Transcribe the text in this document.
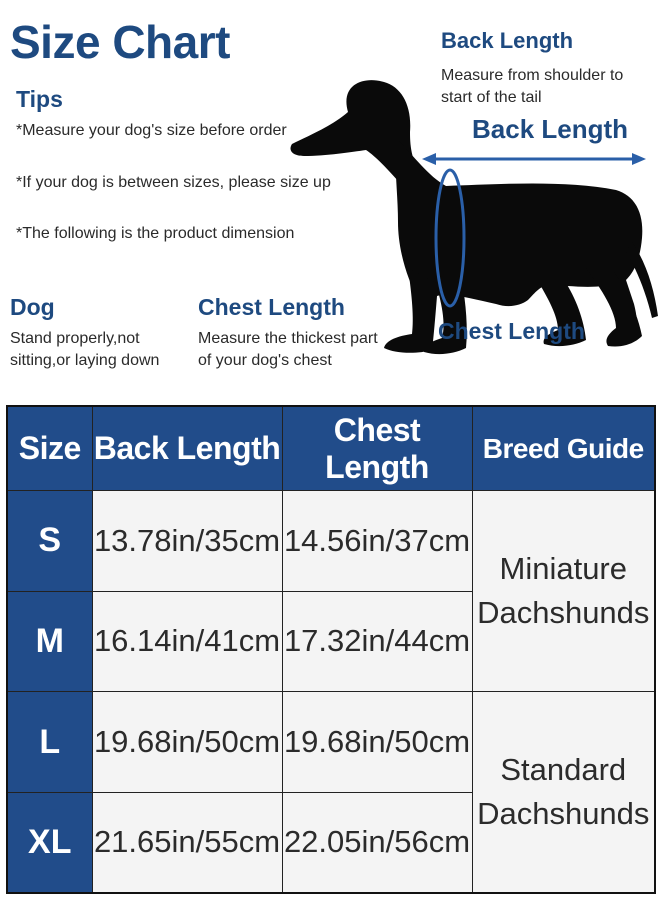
Size Chart

Tips

*Measure your dog's size before order

*If your dog is between sizes, please size up

*The following is the product dimension

Dog

Stand properly,not sitting,or laying down

Chest Length

Measure the thickest part of your dog's chest

Back Length

Measure from shoulder to start of the tail

Back Length
Chest Length
Size	Back Length	Chest Length	Breed Guide
S	13.78in/35cm	14.56in/37cm	Miniature
Dachshunds

M	16.14in/41cm	17.32in/44cm	
L	19.68in/50cm	19.68in/50cm	Standard
Dachshunds

XL	21.65in/55cm	22.05in/56cm	
